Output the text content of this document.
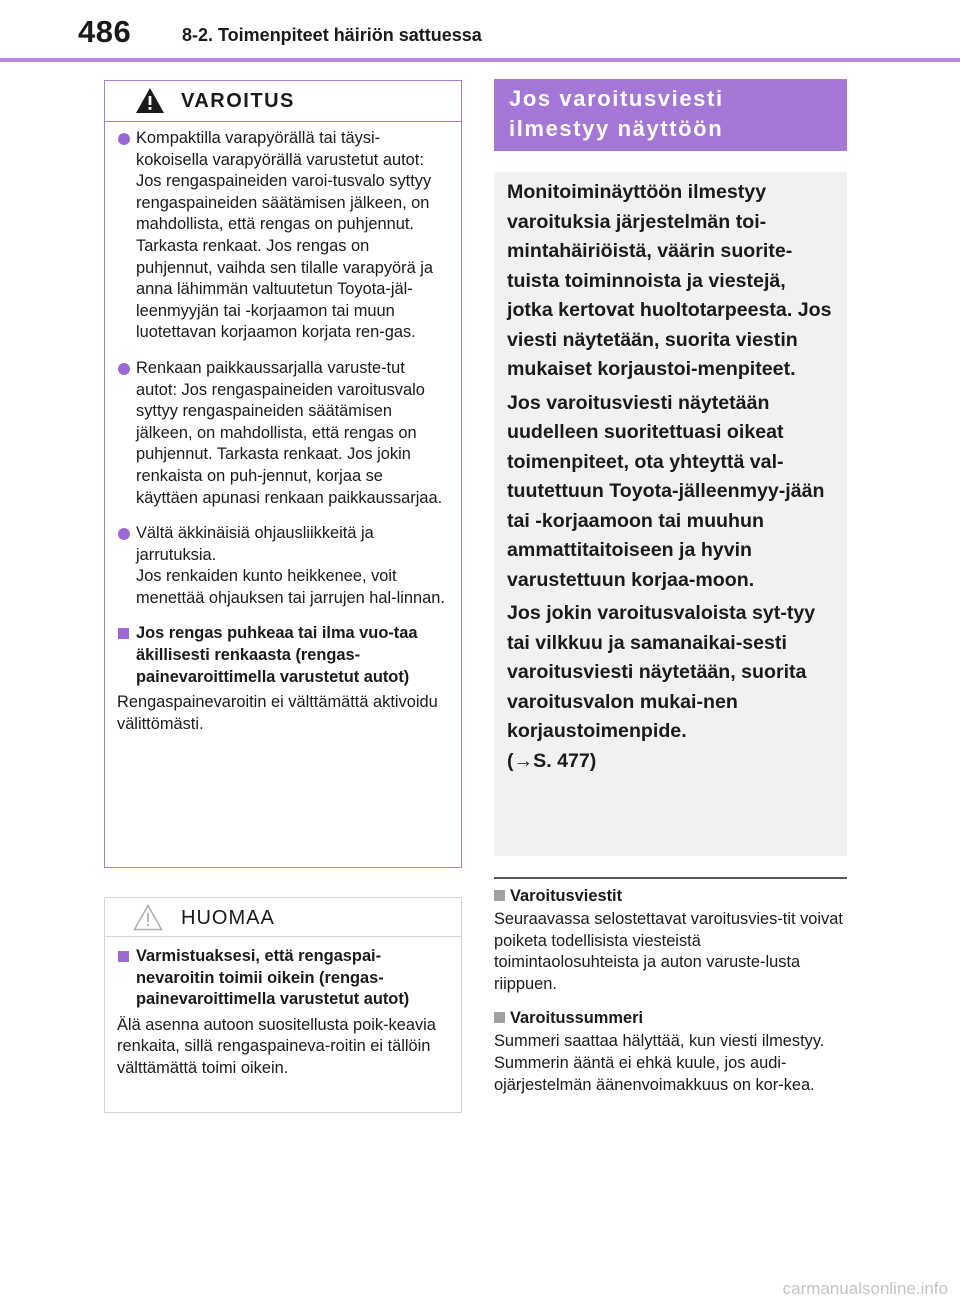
486	8-2. Toimenpiteet häiriön sattuessa
VAROITUS
Kompaktilla varapyörällä tai täysi-kokoisella varapyörällä varustetut autot: Jos rengaspaineiden varoi-tusvalo syttyy rengaspaineiden säätämisen jälkeen, on mahdollista, että rengas on puhjennut. Tarkasta renkaat. Jos rengas on puhjennut, vaihda sen tilalle varapyörä ja anna lähimmän valtuutetun Toyota-jäl-leenmyyjän tai -korjaamon tai muun luotettavan korjaamon korjata ren-gas.
Renkaan paikkaussarjalla varuste-tut autot: Jos rengaspaineiden varoitusvalo syttyy rengaspaineiden säätämisen jälkeen, on mahdollista, että rengas on puhjennut. Tarkasta renkaat. Jos jokin renkaista on puh-jennut, korjaa se käyttäen apunasi renkaan paikkaussarjaa.
Vältä äkkinäisiä ohjausliikkeitä ja jarrutuksia.
Jos renkaiden kunto heikkenee, voit menettää ohjauksen tai jarrujen hal-linnan.
Jos rengas puhkeaa tai ilma vuo-taa äkillisesti renkaasta (rengas-painevaroittimella varustetut autot)
Rengaspainevaroitin ei välttämättä aktivoidu välittömästi.
HUOMAA
Varmistuaksesi, että rengaspai-nevaroitin toimii oikein (rengas-painevaroittimella varustetut autot)
Älä asenna autoon suositellusta poik-keavia renkaita, sillä rengaspaineva-roitin ei tällöin välttämättä toimi oikein.
Jos varoitusviesti
ilmestyy näyttöön

Monitoiminäyttöön ilmestyy varoituksia järjestelmän toi-mintahäiriöistä, väärin suorite-tuista toiminnoista ja viestejä, jotka kertovat huoltotarpeesta. Jos viesti näytetään, suorita viestin mukaiset korjaustoi-menpiteet.

Jos varoitusviesti näytetään uudelleen suoritettuasi oikeat toimenpiteet, ota yhteyttä val-tuutettuun Toyota-jälleenmyy-jään tai -korjaamoon tai muuhun ammattitaitoiseen ja hyvin varustettuun korjaa-moon.

Jos jokin varoitusvaloista syt-tyy tai vilkkuu ja samanaikai-sesti varoitusviesti näytetään, suorita varoitusvalon mukai-nen korjaustoimenpide.

(→S. 477)

Varoitusviestit
Seuraavassa selostettavat varoitusvies-tit voivat poiketa todellisista viesteistä toimintaolosuhteista ja auton varuste-lusta riippuen.
Varoitussummeri
Summeri saattaa hälyttää, kun viesti ilmestyy.
Summerin ääntä ei ehkä kuule, jos audi-ojärjestelmän äänenvoimakkuus on kor-kea.
carmanualsonline.info
